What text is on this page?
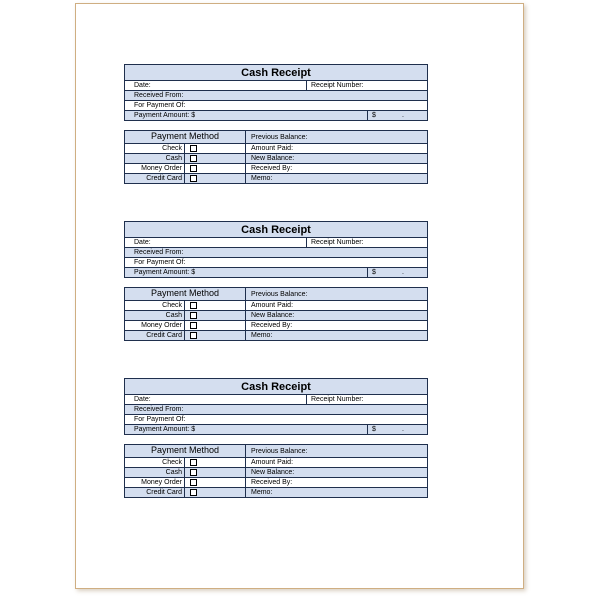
Cash Receipt
Date:	Receipt Number:
Received From:
For Payment Of:
Payment Amount: $	$	.
Payment Method	Previous Balance:
Check	Amount Paid:
Cash	New Balance:
Money Order	Received By:
Credit Card	Memo:
Cash Receipt
Date:	Receipt Number:
Received From:
For Payment Of:
Payment Amount: $	$	.
Payment Method	Previous Balance:
Check	Amount Paid:
Cash	New Balance:
Money Order	Received By:
Credit Card	Memo:
Cash Receipt
Date:	Receipt Number:
Received From:
For Payment Of:
Payment Amount: $	$	.
Payment Method	Previous Balance:
Check	Amount Paid:
Cash	New Balance:
Money Order	Received By:
Credit Card	Memo:
